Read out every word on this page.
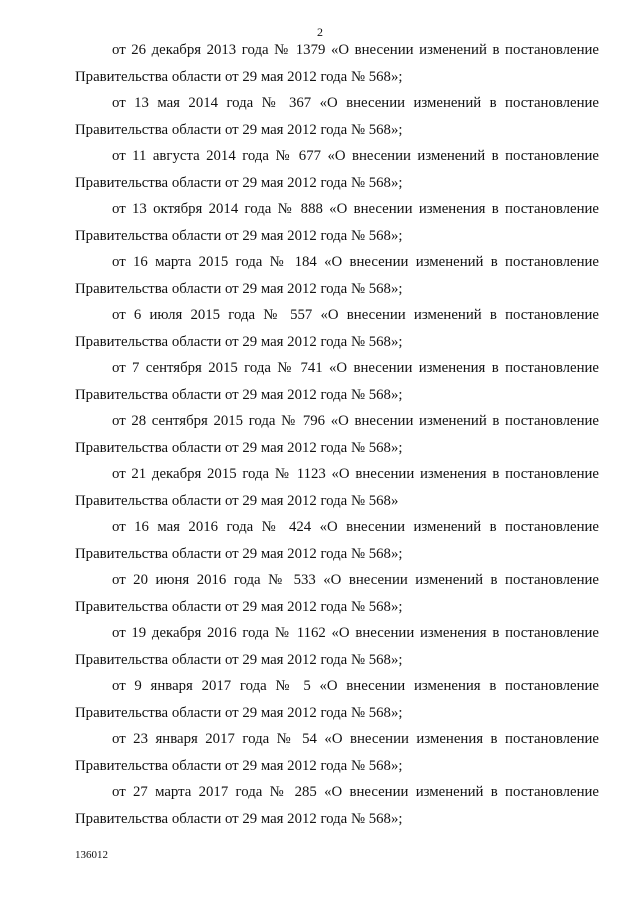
2

от 26 декабря 2013 года № 1379 «О внесении изменений в постановление Правительства области от 29 мая 2012 года № 568»;

от 13 мая 2014 года № 367 «О внесении изменений в постановление Правительства области от 29 мая 2012 года № 568»;

от 11 августа 2014 года № 677 «О внесении изменений в постановление Правительства области от 29 мая 2012 года № 568»;

от 13 октября 2014 года № 888 «О внесении изменения в постановление Правительства области от 29 мая 2012 года № 568»;

от 16 марта 2015 года № 184 «О внесении изменений в постановление Правительства области от 29 мая 2012 года № 568»;

от 6 июля 2015 года № 557 «О внесении изменений в постановление Правительства области от 29 мая 2012 года № 568»;

от 7 сентября 2015 года № 741 «О внесении изменения в постановление Правительства области от 29 мая 2012 года № 568»;

от 28 сентября 2015 года № 796 «О внесении изменений в постановление Правительства области от 29 мая 2012 года № 568»;

от 21 декабря 2015 года № 1123 «О внесении изменения в постановление Правительства области от 29 мая 2012 года № 568»

от 16 мая 2016 года № 424 «О внесении изменений в постановление Правительства области от 29 мая 2012 года № 568»;

от 20 июня 2016 года № 533 «О внесении изменений в постановление Правительства области от 29 мая 2012 года № 568»;

от 19 декабря 2016 года № 1162 «О внесении изменения в постановление Правительства области от 29 мая 2012 года № 568»;

от 9 января 2017 года № 5 «О внесении изменения в постановление Правительства области от 29 мая 2012 года № 568»;

от 23 января 2017 года № 54 «О внесении изменения в постановление Правительства области от 29 мая 2012 года № 568»;

от 27 марта 2017 года № 285 «О внесении изменений в постановление Правительства области от 29 мая 2012 года № 568»;

136012
